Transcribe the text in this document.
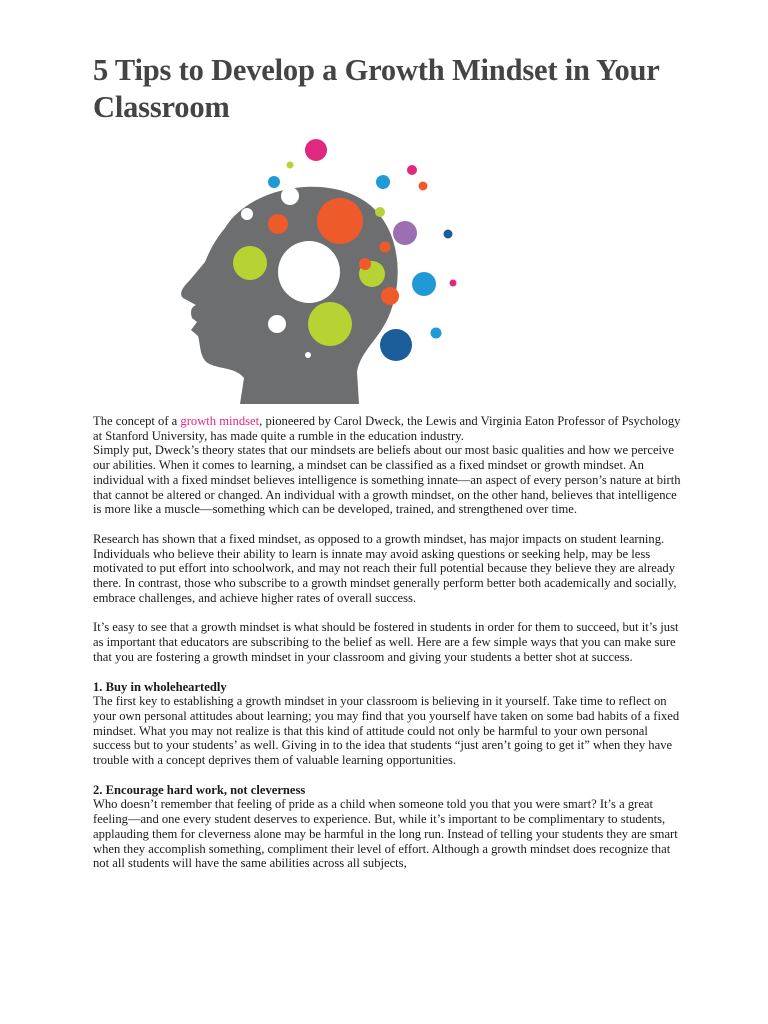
5 Tips to Develop a Growth Mindset in Your Classroom

The concept of a growth mindset, pioneered by Carol Dweck, the Lewis and Virginia Eaton Professor of Psychology at Stanford University, has made quite a rumble in the education industry.

Simply put, Dweck’s theory states that our mindsets are beliefs about our most basic qualities and how we perceive our abilities. When it comes to learning, a mindset can be classified as a fixed mindset or growth mindset. An individual with a fixed mindset believes intelligence is something innate—an aspect of every person’s nature at birth that cannot be altered or changed. An individual with a growth mindset, on the other hand, believes that intelligence is more like a muscle—something which can be developed, trained, and strengthened over time.

Research has shown that a fixed mindset, as opposed to a growth mindset, has major impacts on student learning. Individuals who believe their ability to learn is innate may avoid asking questions or seeking help, may be less motivated to put effort into schoolwork, and may not reach their full potential because they believe they are already there. In contrast, those who subscribe to a growth mindset generally perform better both academically and socially, embrace challenges, and achieve higher rates of overall success.

It’s easy to see that a growth mindset is what should be fostered in students in order for them to succeed, but it’s just as important that educators are subscribing to the belief as well. Here are a few simple ways that you can make sure that you are fostering a growth mindset in your classroom and giving your students a better shot at success.

1. Buy in wholeheartedly

The first key to establishing a growth mindset in your classroom is believing in it yourself. Take time to reflect on your own personal attitudes about learning; you may find that you yourself have taken on some bad habits of a fixed mindset. What you may not realize is that this kind of attitude could not only be harmful to your own personal success but to your students’ as well. Giving in to the idea that students “just aren’t going to get it” when they have trouble with a concept deprives them of valuable learning opportunities.

2. Encourage hard work, not cleverness

Who doesn’t remember that feeling of pride as a child when someone told you that you were smart? It’s a great feeling—and one every student deserves to experience. But, while it’s important to be complimentary to students, applauding them for cleverness alone may be harmful in the long run. Instead of telling your students they are smart when they accomplish something, compliment their level of effort. Although a growth mindset does recognize that not all students will have the same abilities across all subjects,
